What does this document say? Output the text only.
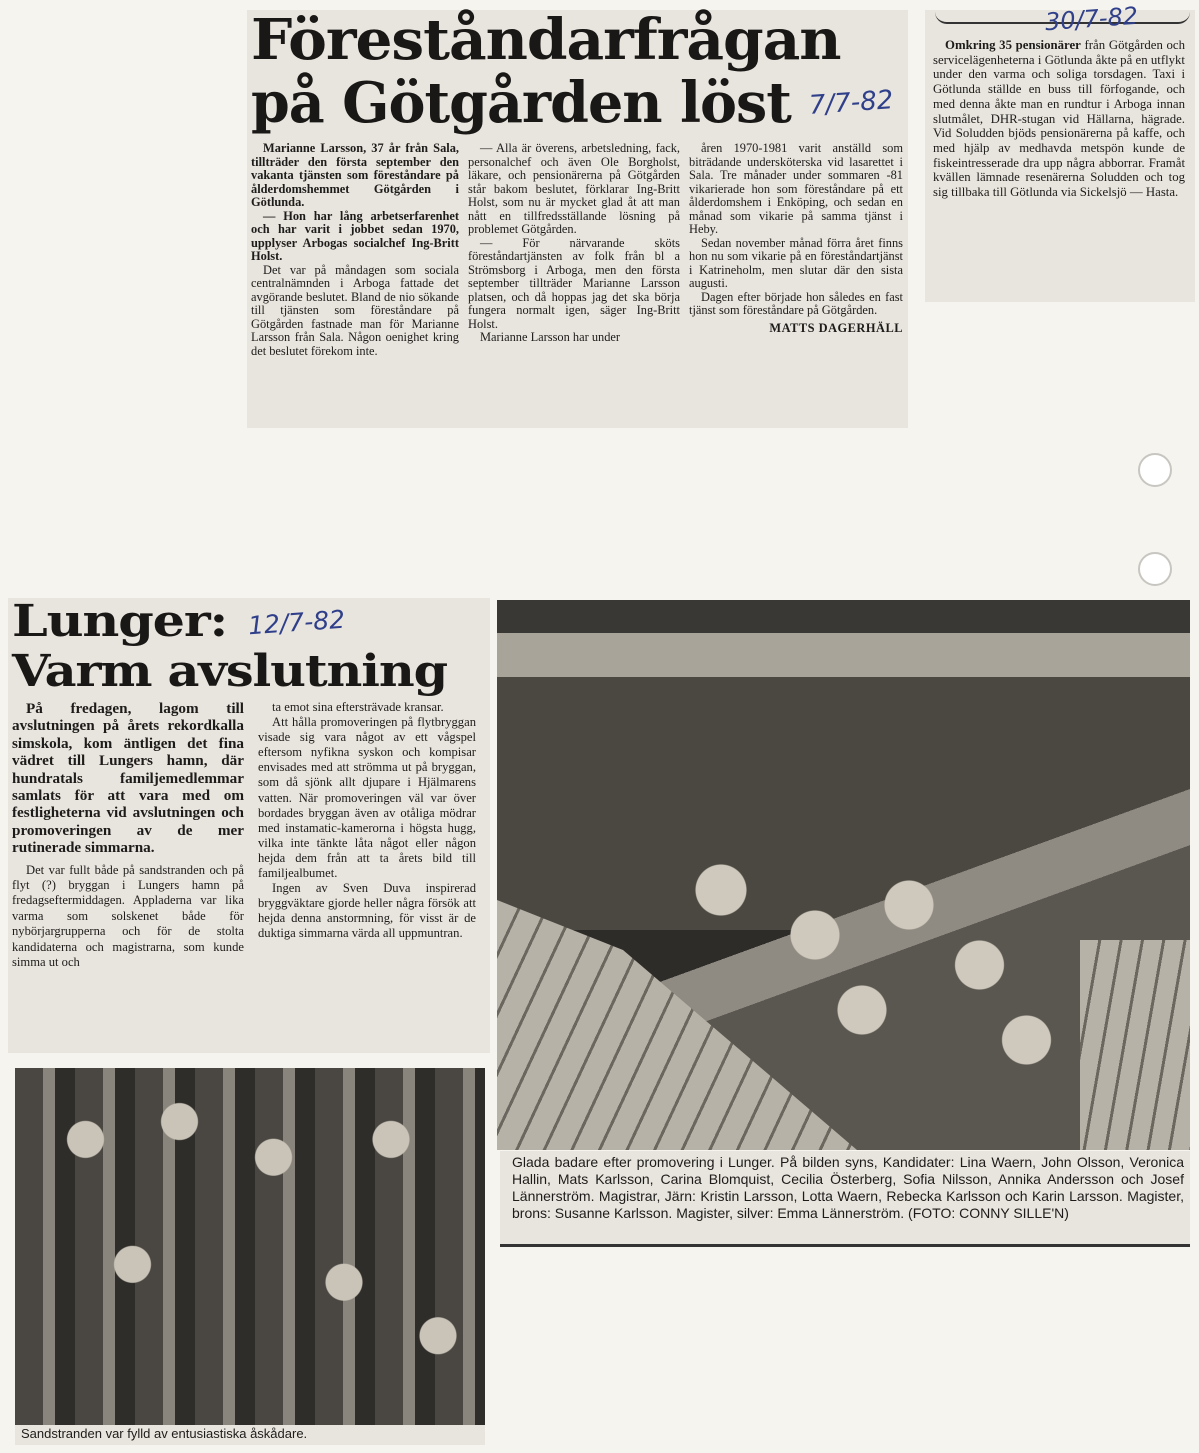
Föreståndarfrågan
på Götgården löst 7/7-82

Marianne Larsson, 37 år från Sala, tillträder den första september den vakanta tjänsten som föreståndare på ålderdomshemmet Götgården i Götlunda.

— Hon har lång arbetserfarenhet och har varit i jobbet sedan 1970, upplyser Arbogas socialchef Ing-Britt Holst.

Det var på måndagen som sociala centralnämnden i Arboga fattade det avgörande beslutet. Bland de nio sökande till tjänsten som föreståndare på Götgården fastnade man för Marianne Larsson från Sala. Någon oenighet kring det beslutet förekom inte.

— Alla är överens, arbetsledning, fack, personalchef och även Ole Borgholst, läkare, och pensionärerna på Götgården står bakom beslutet, förklarar Ing-Britt Holst, som nu är mycket glad åt att man nått en tillfredsställande lösning på problemet Götgården.

— För närvarande sköts föreståndartjänsten av folk från bl a Strömsborg i Arboga, men den första september tillträder Marianne Larsson platsen, och då hoppas jag det ska börja fungera normalt igen, säger Ing-Britt Holst.

Marianne Larsson har under

åren 1970-1981 varit anställd som biträdande undersköterska vid lasarettet i Sala. Tre månader under sommaren -81 vikarierade hon som föreståndare på ett ålderdomshem i Enköping, och sedan en månad som vikarie på samma tjänst i Heby.

Sedan november månad förra året finns hon nu som vikarie på en föreståndartjänst i Katrineholm, men slutar där den sista augusti.

Dagen efter började hon således en fast tjänst som föreståndare på Götgården.

MATTS DAGERHÄLL

30/7-82

Omkring 35 pensionärer från Götgården och servicelägenheterna i Götlunda åkte på en utflykt under den varma och soliga torsdagen. Taxi i Götlunda ställde en buss till förfogande, och med denna åkte man en rundtur i Arboga innan slutmålet, DHR-stugan vid Hällarna, hägrade. Vid Soludden bjöds pensionärerna på kaffe, och med hjälp av medhavda metspön kunde de fiskeintresserade dra upp några abborrar. Framåt kvällen lämnade resenärerna Soludden och tog sig tillbaka till Götlunda via Sickelsjö — Hasta.

Lunger:
Varm avslutning
12/7-82

På fredagen, lagom till avslutningen på årets rekordkalla simskola, kom äntligen det fina vädret till Lungers hamn, där hundratals familjemedlemmar samlats för att vara med om festligheterna vid avslutningen och promoveringen av de mer rutinerade simmarna.

Det var fullt både på sandstranden och på flyt (?) bryggan i Lungers hamn på fredagseftermiddagen. Appladerna var lika varma som solskenet både för nybörjargrupperna och för de stolta kandidaterna och magistrarna, som kunde simma ut och

ta emot sina eftersträvade kransar.

Att hålla promoveringen på flytbryggan visade sig vara något av ett vågspel eftersom nyfikna syskon och kompisar envisades med att strömma ut på bryggan, som då sjönk allt djupare i Hjälmarens vatten. När promoveringen väl var över bordades bryggan även av otåliga mödrar med instamatic-kamerorna i högsta hugg, vilka inte tänkte låta något eller någon hejda dem från att ta årets bild till familjealbumet.

Ingen av Sven Duva inspirerad bryggväktare gjorde heller några försök att hejda denna anstormning, för visst är de duktiga simmarna värda all uppmuntran.

Glada badare efter promovering i Lunger. På bilden syns, Kandidater: Lina Waern, John Olsson, Veronica Hallin, Mats Karlsson, Carina Blomquist, Cecilia Österberg, Sofia Nilsson, Annika Andersson och Josef Lännerström. Magistrar, Järn: Kristin Larsson, Lotta Waern, Rebecka Karlsson och Karin Larsson. Magister, brons: Susanne Karlsson. Magister, silver: Emma Lännerström. (FOTO: CONNY SILLE'N)
Sandstranden var fylld av entusiastiska åskådare.
